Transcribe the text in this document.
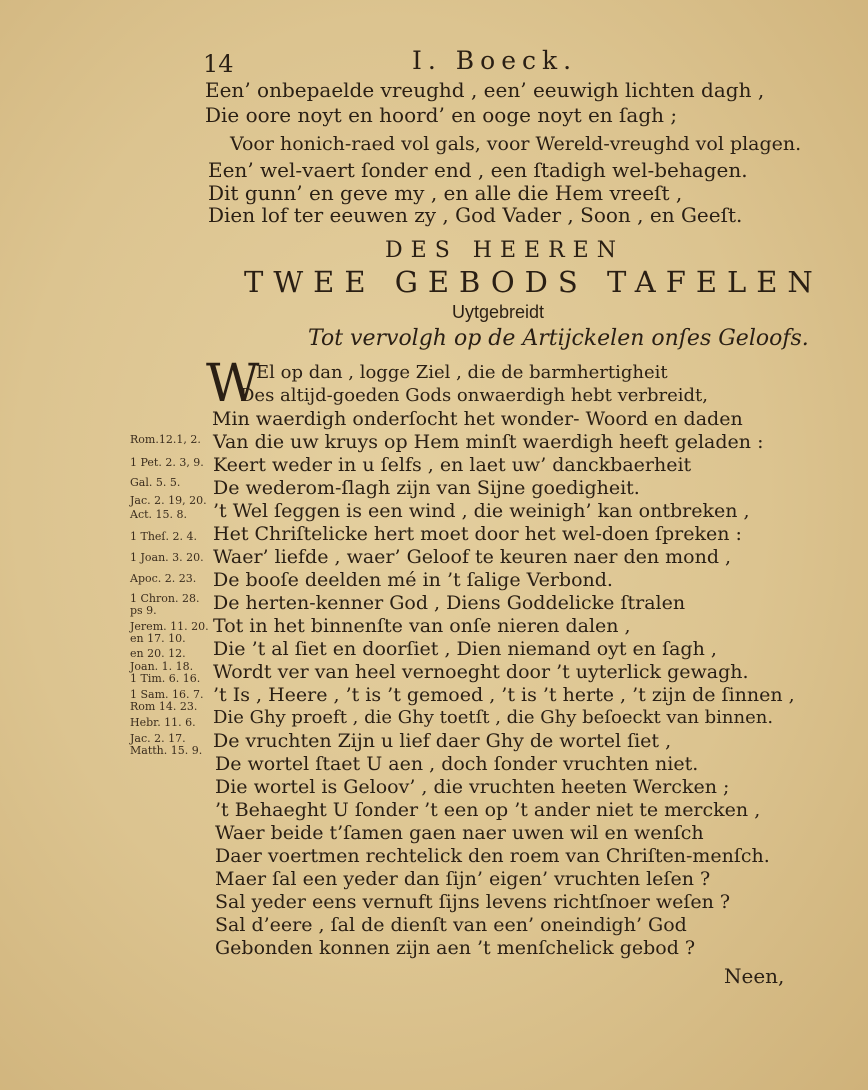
14	I. Boeck.
Een’ onbepaelde vreughd , een’ eeuwigh lichten dagh ,
Die oore noyt en hoord’ en ooge noyt en ſagh ;
Voor honich-raed vol gals, voor Wereld-vreughd vol plagen.
Een’ wel-vaert ſonder end , een ſtadigh wel-behagen.
Dit gunn’ en geve my , en alle die Hem vreeſt ,
Dien lof ter eeuwen zy , God Vader , Soon , en Geeſt.
DES HEEREN
TWEE GEBODS TAFELEN
Uytgebreidt
Tot vervolgh op de Artijckelen onſes Geloofs.
W
El op dan , logge Ziel , die de barmhertigheit
Des altijd-goeden Gods onwaerdigh hebt verbreidt,
Min waerdigh onderſocht het wonder- Woord en daden
Van die uw kruys op Hem minſt waerdigh heeft geladen :
Keert weder in u ſelfs , en laet uw’ danckbaerheit
De wederom-ſlagh zijn van Sijne goedigheit.
’t Wel ſeggen is een wind , die weinigh’ kan ontbreken ,
Het Chriſtelicke hert moet door het wel-doen ſpreken :
Waer’ liefde , waer’ Geloof te keuren naer den mond ,
De booſe deelden mé in ’t ſalige Verbond.
De herten-kenner God , Diens Goddelicke ſtralen
Tot in het binnenſte van onſe nieren dalen ,
Die ’t al ſiet en doorſiet , Dien niemand oyt en ſagh ,
Wordt ver van heel vernoeght door ’t uyterlick gewagh.
’t Is , Heere , ’t is ’t gemoed , ’t is ’t herte , ’t zijn de ſinnen ,
Die Ghy proeft , die Ghy toetſt , die Ghy beſoeckt van binnen.
De vruchten Zijn u lief daer Ghy de wortel ſiet ,
De wortel ſtaet U aen , doch ſonder vruchten niet.
Die wortel is Geloov’ , die vruchten heeten Wercken ;
’t Behaeght U ſonder ’t een op ’t ander niet te mercken ,
Waer beide t’ſamen gaen naer uwen wil en wenſch
Daer voertmen rechtelick den roem van Chriſten-menſch.
Maer ſal een yeder dan ſijn’ eigen’ vruchten leſen ?
Sal yeder eens vernuft ſijns levens richtſnoer weſen ?
Sal d’eere , ſal de dienſt van een’ oneindigh’ God
Gebonden konnen zijn aen ’t menſchelick gebod ?
Rom.12.1, 2.
1 Pet. 2. 3, 9.
Gal. 5. 5.
Jac. 2. 19, 20.
Act. 15. 8.
1 Theſ. 2. 4.
1 Joan. 3. 20.
Apoc. 2. 23.
1 Chron. 28.
ps 9.
Jerem. 11. 20.
en 17. 10.
en 20. 12.
Joan. 1. 18.
1 Tim. 6. 16.
1 Sam. 16. 7.
Rom 14. 23.
Hebr. 11. 6.
Jac. 2. 17.
Matth. 15. 9.
Neen,
